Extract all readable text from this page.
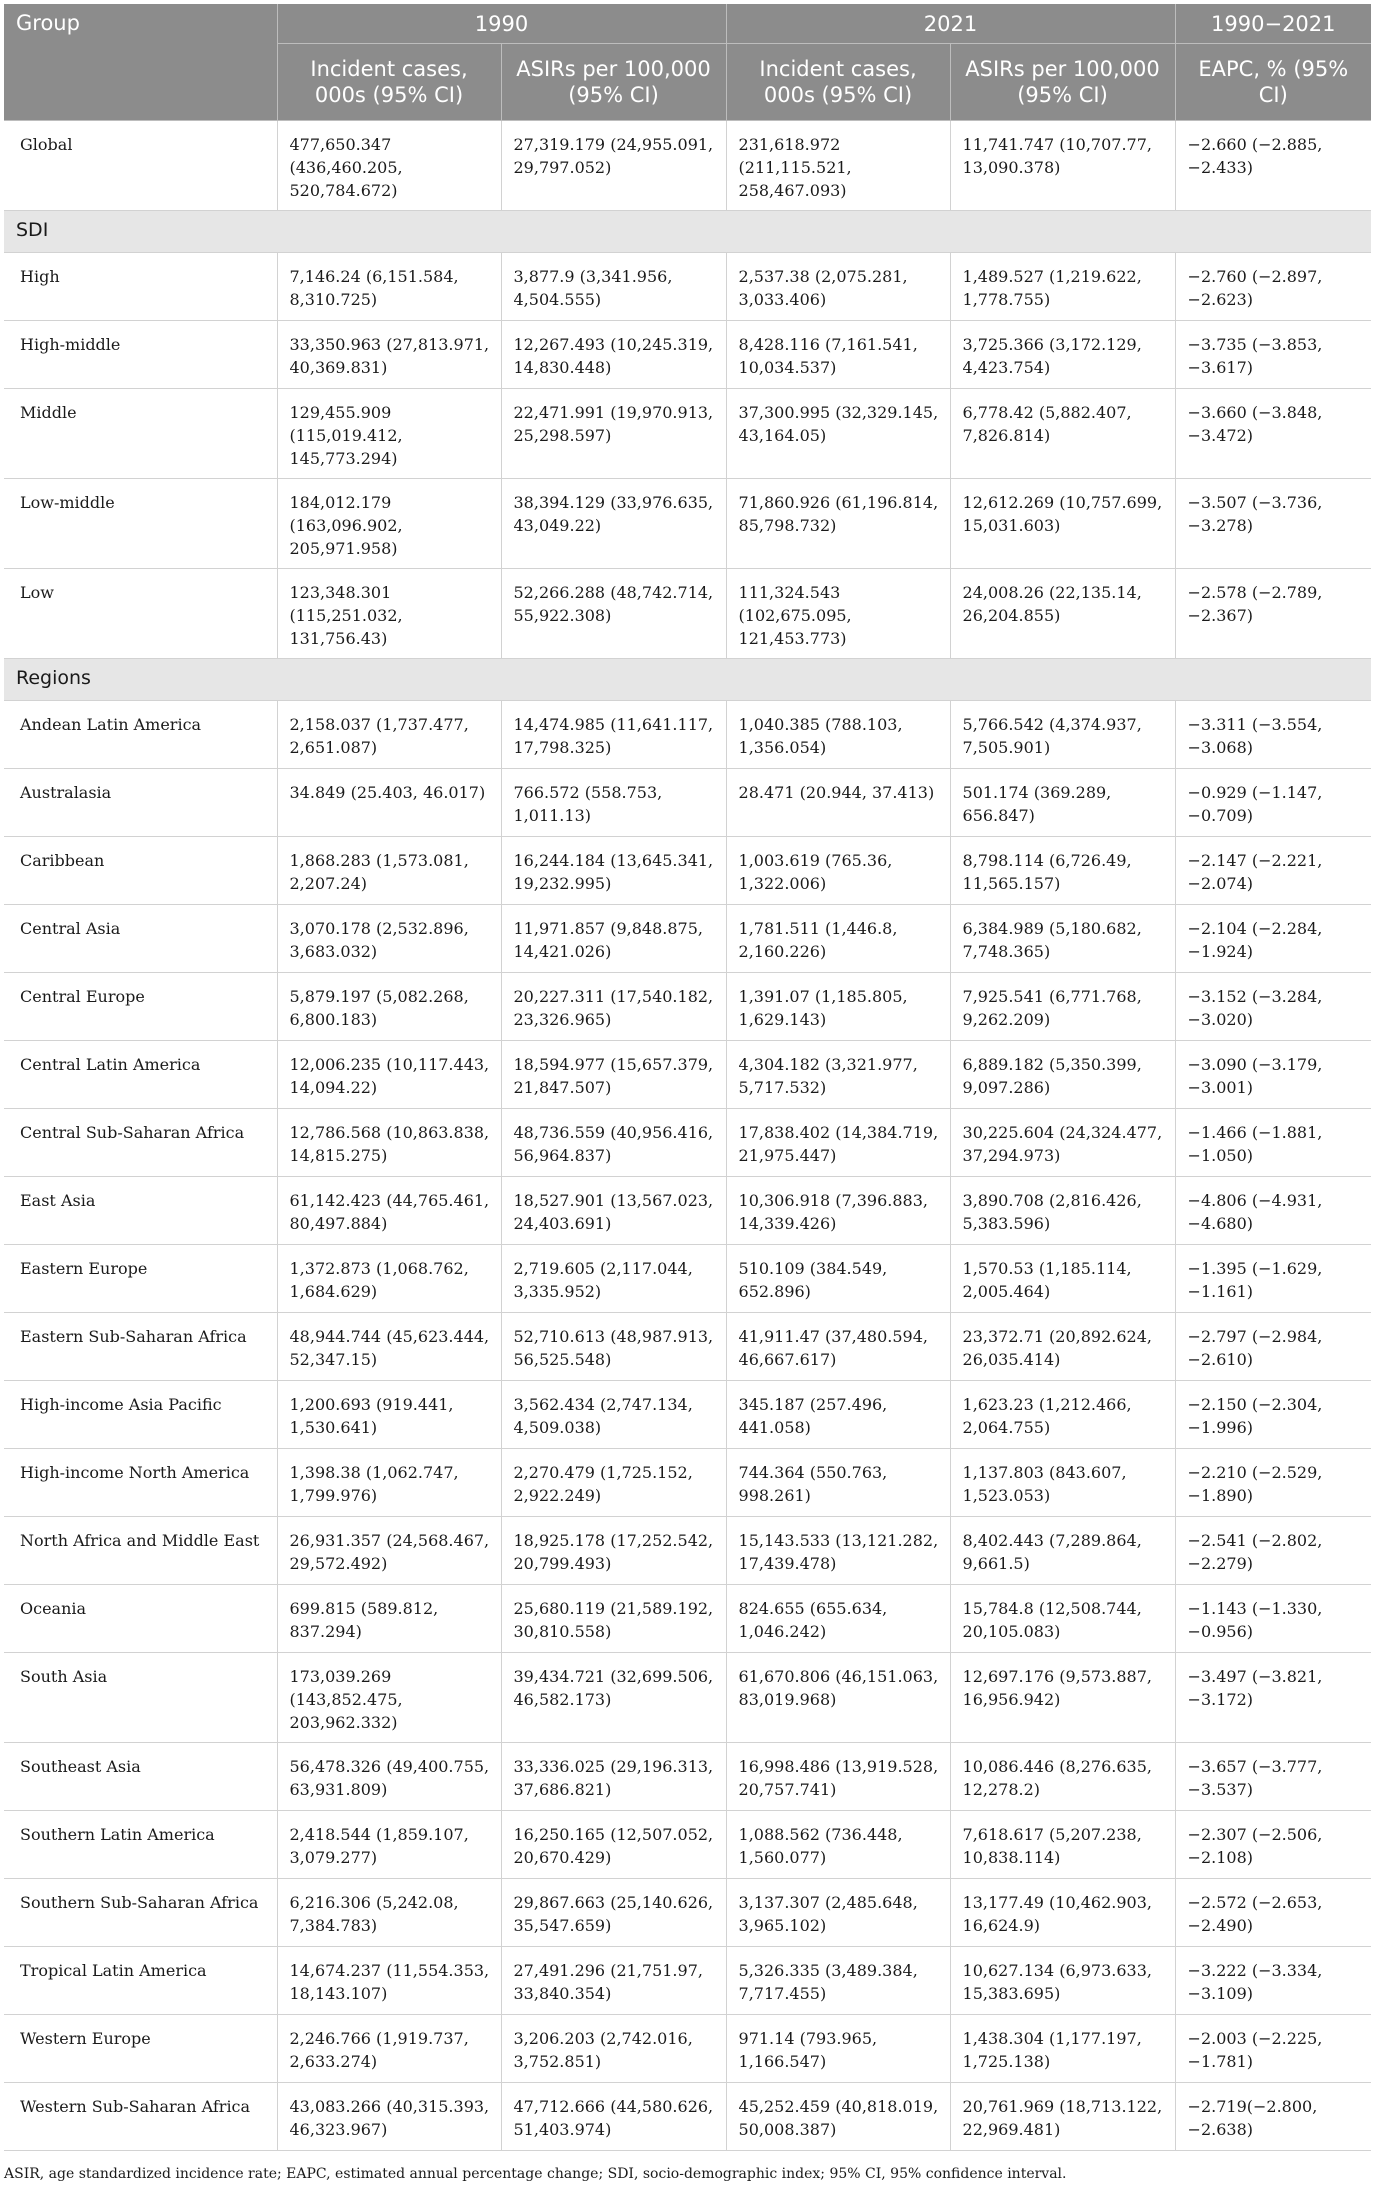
Group	1990		2021		1990−2021
	Incident cases, 000s (95% CI)	ASIRs per 100,000 (95% CI)	Incident cases, 000s (95% CI)	ASIRs per 100,000 (95% CI)	EAPC, % (95% CI)
Global	477,650.347 (436,460.205, 520,784.672)	27,319.179 (24,955.091, 29,797.052)	231,618.972 (211,115.521, 258,467.093)	11,741.747 (10,707.77, 13,090.378)	−2.660 (−2.885, −2.433)
SDI					
High	7,146.24 (6,151.584, 8,310.725)	3,877.9 (3,341.956, 4,504.555)	2,537.38 (2,075.281, 3,033.406)	1,489.527 (1,219.622, 1,778.755)	−2.760 (−2.897, −2.623)
High-middle	33,350.963 (27,813.971, 40,369.831)	12,267.493 (10,245.319, 14,830.448)	8,428.116 (7,161.541, 10,034.537)	3,725.366 (3,172.129, 4,423.754)	−3.735 (−3.853, −3.617)
Middle	129,455.909 (115,019.412, 145,773.294)	22,471.991 (19,970.913, 25,298.597)	37,300.995 (32,329.145, 43,164.05)	6,778.42 (5,882.407, 7,826.814)	−3.660 (−3.848, −3.472)
Low-middle	184,012.179 (163,096.902, 205,971.958)	38,394.129 (33,976.635, 43,049.22)	71,860.926 (61,196.814, 85,798.732)	12,612.269 (10,757.699, 15,031.603)	−3.507 (−3.736, −3.278)
Low	123,348.301 (115,251.032, 131,756.43)	52,266.288 (48,742.714, 55,922.308)	111,324.543 (102,675.095, 121,453.773)	24,008.26 (22,135.14, 26,204.855)	−2.578 (−2.789, −2.367)
Regions					
Andean Latin America	2,158.037 (1,737.477, 2,651.087)	14,474.985 (11,641.117, 17,798.325)	1,040.385 (788.103, 1,356.054)	5,766.542 (4,374.937, 7,505.901)	−3.311 (−3.554, −3.068)
Australasia	34.849 (25.403, 46.017)	766.572 (558.753, 1,011.13)	28.471 (20.944, 37.413)	501.174 (369.289, 656.847)	−0.929 (−1.147, −0.709)
Caribbean	1,868.283 (1,573.081, 2,207.24)	16,244.184 (13,645.341, 19,232.995)	1,003.619 (765.36, 1,322.006)	8,798.114 (6,726.49, 11,565.157)	−2.147 (−2.221, −2.074)
Central Asia	3,070.178 (2,532.896, 3,683.032)	11,971.857 (9,848.875, 14,421.026)	1,781.511 (1,446.8, 2,160.226)	6,384.989 (5,180.682, 7,748.365)	−2.104 (−2.284, −1.924)
Central Europe	5,879.197 (5,082.268, 6,800.183)	20,227.311 (17,540.182, 23,326.965)	1,391.07 (1,185.805, 1,629.143)	7,925.541 (6,771.768, 9,262.209)	−3.152 (−3.284, −3.020)
Central Latin America	12,006.235 (10,117.443, 14,094.22)	18,594.977 (15,657.379, 21,847.507)	4,304.182 (3,321.977, 5,717.532)	6,889.182 (5,350.399, 9,097.286)	−3.090 (−3.179, −3.001)
Central Sub-Saharan Africa	12,786.568 (10,863.838, 14,815.275)	48,736.559 (40,956.416, 56,964.837)	17,838.402 (14,384.719, 21,975.447)	30,225.604 (24,324.477, 37,294.973)	−1.466 (−1.881, −1.050)
East Asia	61,142.423 (44,765.461, 80,497.884)	18,527.901 (13,567.023, 24,403.691)	10,306.918 (7,396.883, 14,339.426)	3,890.708 (2,816.426, 5,383.596)	−4.806 (−4.931, −4.680)
Eastern Europe	1,372.873 (1,068.762, 1,684.629)	2,719.605 (2,117.044, 3,335.952)	510.109 (384.549, 652.896)	1,570.53 (1,185.114, 2,005.464)	−1.395 (−1.629, −1.161)
Eastern Sub-Saharan Africa	48,944.744 (45,623.444, 52,347.15)	52,710.613 (48,987.913, 56,525.548)	41,911.47 (37,480.594, 46,667.617)	23,372.71 (20,892.624, 26,035.414)	−2.797 (−2.984, −2.610)
High-income Asia Pacific	1,200.693 (919.441, 1,530.641)	3,562.434 (2,747.134, 4,509.038)	345.187 (257.496, 441.058)	1,623.23 (1,212.466, 2,064.755)	−2.150 (−2.304, −1.996)
High-income North America	1,398.38 (1,062.747, 1,799.976)	2,270.479 (1,725.152, 2,922.249)	744.364 (550.763, 998.261)	1,137.803 (843.607, 1,523.053)	−2.210 (−2.529, −1.890)
North Africa and Middle East	26,931.357 (24,568.467, 29,572.492)	18,925.178 (17,252.542, 20,799.493)	15,143.533 (13,121.282, 17,439.478)	8,402.443 (7,289.864, 9,661.5)	−2.541 (−2.802, −2.279)
Oceania	699.815 (589.812, 837.294)	25,680.119 (21,589.192, 30,810.558)	824.655 (655.634, 1,046.242)	15,784.8 (12,508.744, 20,105.083)	−1.143 (−1.330, −0.956)
South Asia	173,039.269 (143,852.475, 203,962.332)	39,434.721 (32,699.506, 46,582.173)	61,670.806 (46,151.063, 83,019.968)	12,697.176 (9,573.887, 16,956.942)	−3.497 (−3.821, −3.172)
Southeast Asia	56,478.326 (49,400.755, 63,931.809)	33,336.025 (29,196.313, 37,686.821)	16,998.486 (13,919.528, 20,757.741)	10,086.446 (8,276.635, 12,278.2)	−3.657 (−3.777, −3.537)
Southern Latin America	2,418.544 (1,859.107, 3,079.277)	16,250.165 (12,507.052, 20,670.429)	1,088.562 (736.448, 1,560.077)	7,618.617 (5,207.238, 10,838.114)	−2.307 (−2.506, −2.108)
Southern Sub-Saharan Africa	6,216.306 (5,242.08, 7,384.783)	29,867.663 (25,140.626, 35,547.659)	3,137.307 (2,485.648, 3,965.102)	13,177.49 (10,462.903, 16,624.9)	−2.572 (−2.653, −2.490)
Tropical Latin America	14,674.237 (11,554.353, 18,143.107)	27,491.296 (21,751.97, 33,840.354)	5,326.335 (3,489.384, 7,717.455)	10,627.134 (6,973.633, 15,383.695)	−3.222 (−3.334, −3.109)
Western Europe	2,246.766 (1,919.737, 2,633.274)	3,206.203 (2,742.016, 3,752.851)	971.14 (793.965, 1,166.547)	1,438.304 (1,177.197, 1,725.138)	−2.003 (−2.225, −1.781)
Western Sub-Saharan Africa	43,083.266 (40,315.393, 46,323.967)	47,712.666 (44,580.626, 51,403.974)	45,252.459 (40,818.019, 50,008.387)	20,761.969 (18,713.122, 22,969.481)	−2.719(−2.800, −2.638)
ASIR, age standardized incidence rate; EAPC, estimated annual percentage change; SDI, socio-demographic index; 95% CI, 95% confidence interval.
